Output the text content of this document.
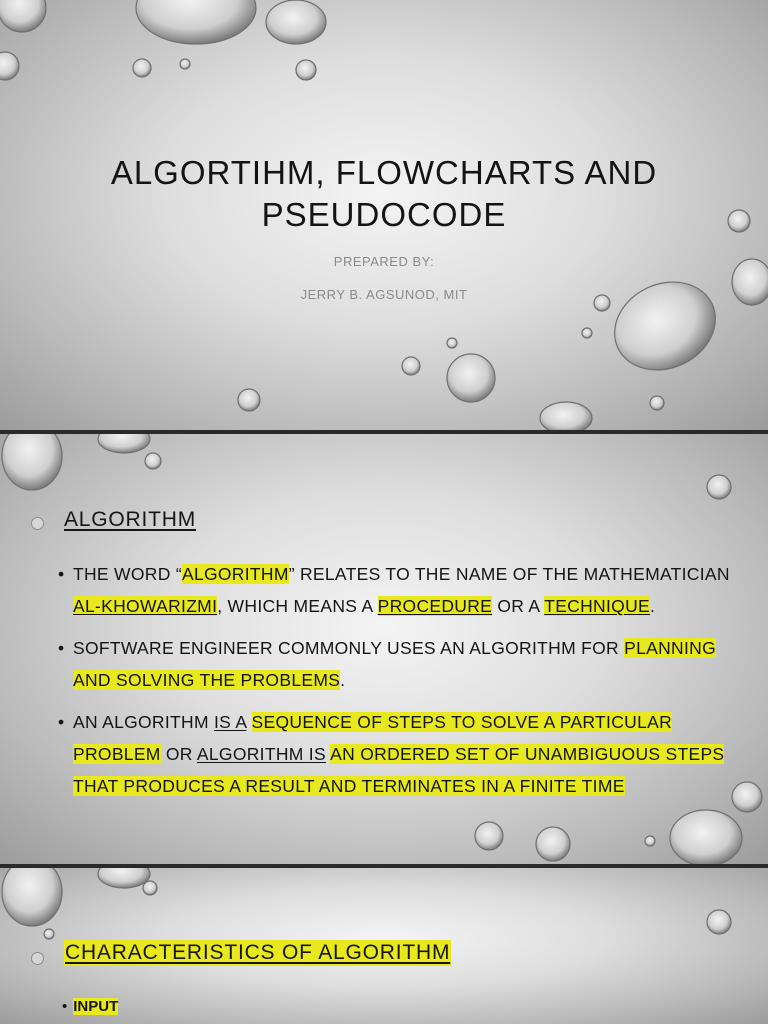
ALGORTIHM, FLOWCHARTS AND
PSEUDOCODE
PREPARED BY:
JERRY B. AGSUNOD, MIT
ALGORITHM
• THE WORD “ALGORITHM” RELATES TO THE NAME OF THE MATHEMATICIAN AL-KHOWARIZMI, WHICH MEANS A PROCEDURE OR A TECHNIQUE.
• SOFTWARE ENGINEER COMMONLY USES AN ALGORITHM FOR PLANNING AND SOLVING THE PROBLEMS.
• AN ALGORITHM IS A SEQUENCE OF STEPS TO SOLVE A PARTICULAR PROBLEM OR ALGORITHM IS AN ORDERED SET OF UNAMBIGUOUS STEPS THAT PRODUCES A RESULT AND TERMINATES IN A FINITE TIME
CHARACTERISTICS OF ALGORITHM
• INPUT
